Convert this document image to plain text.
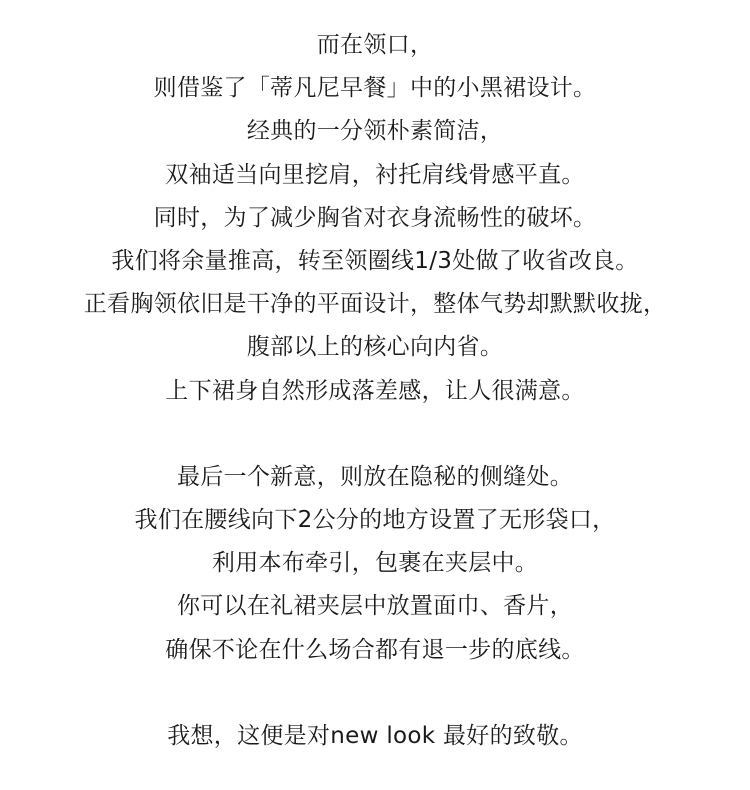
而在领口，
则借鉴了「蒂凡尼早餐」中的小黑裙设计。
经典的一分领朴素简洁，
双袖适当向里挖肩，衬托肩线骨感平直。
同时，为了减少胸省对衣身流畅性的破坏。
我们将余量推高，转至领圈线1/3处做了收省改良。
正看胸领依旧是干净的平面设计，整体气势却默默收拢，
腹部以上的核心向内省。
上下裙身自然形成落差感，让人很满意。
最后一个新意，则放在隐秘的侧缝处。
我们在腰线向下2公分的地方设置了无形袋口，
利用本布牵引，包裹在夹层中。
你可以在礼裙夹层中放置面巾、香片，
确保不论在什么场合都有退一步的底线。
我想，这便是对new look 最好的致敬。
